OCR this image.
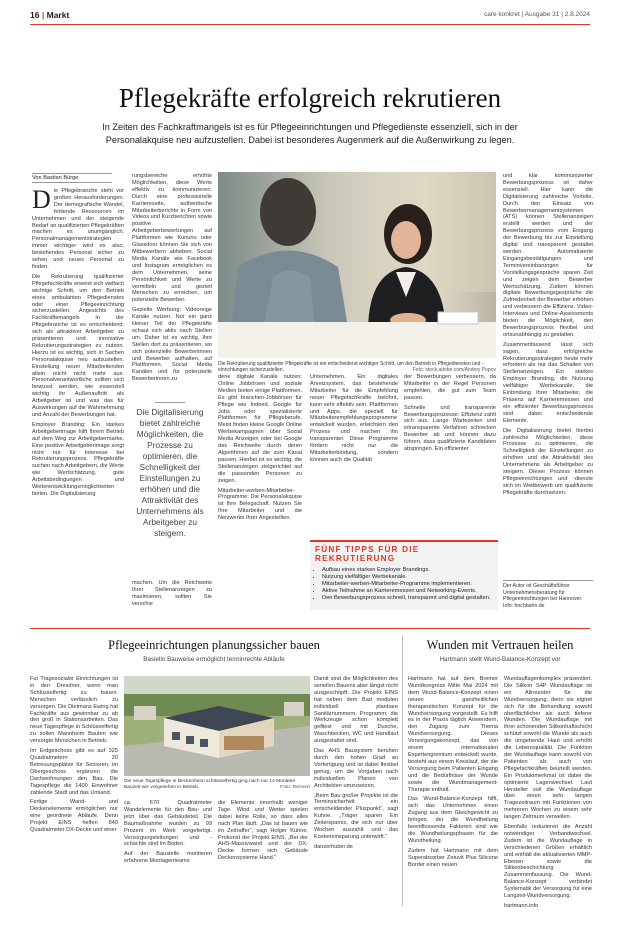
16 | Markt	care konkret | Ausgabe 31 | 2.8.2024
Pflegekräfte erfolgreich rekrutieren
In Zeiten des Fachkraftmangels ist es für Pflegeeinrichtungen und Pflegedienste essenziell, sich in der Personalakquise neu aufzustellen. Dabei ist besonderes Augenmerk auf die Außenwirkung zu legen.
Von Bastian Bürge
D ie Pflegebranche steht vor großen Herausforderungen. Der demografische Wandel, fehlende Ressourcen im Unternehmen und der steigende Bedarf an qualifizierten Pflegekräften machen es unumgänglich, Personalmanagementstrategien immer wichtiger wird es also, bestehendes Personal sicher zu sehen und neues Personal zu finden.

Die Rekrutierung qualifizierter Pflegefachkräfte erweist sich vielfach wichtige Schritt, um den Betrieb eines ambulanten Pflegedienstes oder einer Pflegeeinrichtung sicherzustellen. Angesichts des Fachkräftemangels in der Pflegebranche ist es entscheidend, sich als attraktiver Arbeitgeber zu präsentieren und innovative Rekrutierungsstrategien zu nutzen. Hierzu ist es wichtig, sich in Sachen Personalakquise neu aufzustellen. Einstellung neuer Mitarbeitenden allein reicht nicht mehr aus. Personalverantwortliche sollten sich bewusst werden, wie essenziell wichtig ihr Außenauftritt als Arbeitgeber ist und was das für Auswirkungen auf die Wahrnehmung und Anzahl der Bewerbungen hat.

Employer Branding: Ein starkes Arbeitgeberimage hilft Ihrem Betrieb auf dem Weg zur Arbeitgebermarke. Eine positive Arbeitgeberimage sorgt nicht nur für Interesse bei Rekrutierungsprozess. Pflegekräfte suchen nach Arbeitgebern, die Werte wie Wertschätzung, gute Arbeitsbedingungen und Weiterentwicklungsmöglichkeiten bieten. Die Digitalisierung

rungsbereiche erhöhte Möglichkeiten, diese Werte effektiv zu kommunizieren. Durch eine professionelle Karriereseite, authentische Mitarbeiterberichte in Form von Videos und Kurzberichten sowie positive Arbeitgeberbewertungen auf Plattformen wie Kununu oder Glassdoor können Sie sich von Mitbewerbern abheben. Social Media Kanäle wie Facebook und Instagram ermöglichen es dem Unternehmen, seine Persönlichkeit und Werte zu vermitteln und gezielt Menschen zu erreichen, um potenzielle Bewerber.

Gezielte Werbung: Videoreige Kanäle nutzen. Nur ein ganz kleiner Teil der Pflegekräfte schaut sich aktiv nach Stellen um. Daher ist es wichtig, Ihre Stellen dort zu präsentieren, wo sich potenzielle Bewerberinnen und Bewerber aufhalten, auf Plattformen, Social Media Kanälen und für potenzielle Bewerberinnen zu

Die Digitalisierung bietet zahlreiche Möglichkeiten, die Prozesse zu optimieren, die Schnelligkeit der Einstellungen zu erhöhen und die Attraktivität des Unternehmens als Arbeitgeber zu steigern.

machen. Um die Reichweite Ihrer Stellenanzeigen zu maximieren, sollten Sie verschie

Die Rekrutierung qualifizierter Pflegekräfte ist ein entscheidend wichtiger Schritt, um den Betrieb in Pflegediensten und -einrichtungen sicherzustellen.	Foto: stock.adobe.com/Andrey Popov

dene digitale Kanäle nutzen: Online Jobbörsen und soziale Medien bieten einige Plattformen. Es gibt branchen-Jobbörsen für Pflege wie Indeed, Google for Jobs oder spezialisierte Plattformen für Pflegeberufe. Meist finden kleine Google Online Werbekampagnen über Social Media Anzeigen oder bei Google das Reichweite durch deren Algorithmen auf die zum Kanal passen. Hierbei ist es wichtig, die Stellenanzeigen zielgerichtet auf die passenden Personen zu zeigen.

Mitarbeiter-werben-Mitarbeiter-Programme: Die Personalakquise ist Ihre Belegschaft. Nutzen Sie Ihre Mitarbeiter und die Netzwerke Ihrer Angestellten.

Unternehmen. Ein digitales Anreizsystem, das bestehende Mitarbeiter für die Empfehlung neuer Pflegefachkräfte belohnt, kann sehr effektiv sein. Plattformen und Apps, die speziell für Mitarbeiterempfehlungsprogramme entwickelt wurden, erleichtern den Prozess und machen ihn transparenter. Diese Programme fördern nicht nur die Mitarbeiterbindung, sondern können auch die Qualität

der Bewerbungen verbessern, da Mitarbeiter in der Regel Personen empfehlen, die gut zum Team passen.

Schnelle und transparente Bewerbungsprozesse: Effizienz zahlt sich aus. Lange Wartezeiten und intransparente Verfahren schrecken Bewerber ab und können dazu führen, dass qualifizierte Kandidaten abspringen. Ein effizienter

FÜNF TIPPS FÜR DIE REKRUTIERUNG
• Aufbau eines starken Employer Brandings.
• Nutzung vielfältiger Werbekanäle.
• Mitarbeiter-werben-Mitarbeiter-Programme implementieren.
• Aktive Teilnahme an Karrieremessen und Networking-Events.
• Den Bewerbungsprozess schnell, transparent und digital gestalten.

und klar kommunizierter Bewerbungsprozess ist daher essenziell. Hier kann die Digitalisierung zahlreiche Vorteile. Durch den Einsatz von Bewerbermanagementsystemen (ATS) können Stellenanzeigen erstellt werden und der Bewerbungsprozess vom Eingang der Bewerbung bis zur Einstellung digital und transparent gestaltet werden. Automatisierte Eingangsbestätigungen und Terminvereinbarungen für Vorstellungsgespräche sparen Zeit und zeigen dem Bewerber Wertschätzung. Zudem können digitale Bewerbungsgespräche die Zufriedenheit der Bewerber erhöhen und verbessern die Effizienz. Video-Interviews und Online-Assessments bieten die Möglichkeit, den Bewerbungsprozess flexibel und ortsunabhängig zu gestalten.

Zusammenfassend lässt sich sagen, dass erfolgreiche Rekrutierungsstrategien heute mehr erfordern als nur das Schalten von Stellenanzeigen. Ein starkes Employer Branding, die Nutzung vielfältiger Werbekanäle, die Einbindung Ihrer Mitarbeiter, die Präsenz auf Karrieremessen und ein effizienter Bewerbungsprozess sind dabei entscheidende Elemente.

Die Digitalisierung bietet hierbei zahlreiche Möglichkeiten, diese Prozesse zu optimieren, die Schnelligkeit der Einstellungen zu erhöhen und die Attraktivität des Unternehmens als Arbeitgeber zu steigern. Dieser Prozess können Pflegeeinrichtungen und -dienste sich im Wettbewerb um qualifizierte Pflegekräfte durchsetzen.

Der Autor ist Geschäftsführer Unternehmensberatung für Pflegeeinrichtungen bei Hannover. Info: hochbahn.de
Pflegeeinrichtungen planungssicher bauen
Basiello Bauweise ermöglicht terminrechte Abläufe

Fur Tragesozialer Einrichtungen ist in den Dresdner, wenn man Schlüsselfertig zu bauen. Menschen verlässlich zu versorgen. Die Dietmans Ewing hat Fachkräfte aus gewinnbar zu ab den groß in Stationsarbeiten. Das neue Tagespflege in Schlüsselfertig zu sollen Mannheim Bauten wie versorgte Menschen in Betrieb.

Im Erdgeschoss gibt es auf 325 Quadratmetern 20 Betreuungsplätze für Senioren, im Obergeschoss ergänzen die Dachwohnungen den Bau. Die Tagespflege die 1400 Einwohner zahlende Stadt und das Umland.

Fertige Wand- und Deckenelemente ermöglichen nur eine geordnete Abläufe. Denn Projekt EINS helfen 840 Quadratmeter DX-Decke und einer

Die neue Tagespflege in Beckenheim schlüsselfertig ging nach nur 14 Monaten Bauzeit wie vorgesehen in Betrieb.	Foto: Rennert

ca. 670 Quadratmeter Wandelemente für den Bau- und jetzt über das Gebäudeteil. Die Baumaßnahme wurden zu 99 Prozent im Werk vorgefertigt. Versorgungsleitungen und -schächte sind im Boden.

Auf der Baustelle montieren erfahrene Montagenteams

die Elemente innerhalb weniger Tage. Wind und Wetter spielen dabei keine Rolle, so dass alles nach Plan läuft. „Das ist bauen wie im Zeitraffer“, sagt Holger Kuhne, Prokurist der Projekt EINS. „Bei der AHS-Massivwand und der DX-Decke formen sich Gebäude Deckensysteme Hand.“

Damit sind die Möglichkeiten des seriellen Bauens aber längst nicht ausgeschöpft. Die Projekt EINS hat neben dem Bad modulen individuell planbare Sanitärnummern. Programm, die Werkzeuge schon komplett gefliest und mit Dusche, Waschbecken, WC und Handlauf ausgestattet sind.

Das AHS Bausystem beruhen durch den hohen Grad an Vorfertigung und ist dabei flexibel genug, um die Vorgaben nach individuellen Planen von Architekten umzusetzen.

„Beim Bau großer Projekte ist die Terminsicherheit ein entscheidender Pluspunkt“, sagt Kuhne. „Träger sparen Ein Zeitersparnis, die sich nur über Wochen auszahlt und das Kosteneinsparung unterwirft.“

danzerhuber.de

Wunden mit Vertrauen heilen
Hartmann stellt Wund-Balance-Konzept vor

Hartmann hat auf dem Bremer Wundkongress Mitte Mai 2024 mit dem Wund-Balance-Konzept einen neuen ganzheitlichen therapeutischen Konzept für die Wundversorgung vorgestellt. Es hilft es in der Praxis täglich Anwendern, den Zugang zum Thema Wundversorgung. Dieses Versorgungskonzept, das von einem internationalen Expertengremium entwickelt wurde, besteht aus einem Kreislauf, der die Versorgung beim Patienten Eingang und die Bedürfnisse der Wunde sowie die Wundmanagement-Therapie enthält.

Das Wund-Balance-Konzept hilft, sich das Unternehmen einen Zugang aus dem Gleichgewicht zu bringen, der die Wundheilung beeinflussende Faktoren sind wie die Wundheilungsphasen für die Wundheilung.

Zudem hat Hartmann mit dem Superabsorber Zetuvit Plus Silicone Border einen neuen

Wundauflagenkomplex präsentiert. Die Silikon S4P Wundauflage ist ein Allrounder für die Wundversorgung, denn sie eignet sich für die Behandlung sowohl oberflächlicher als auch tieferer Wunden. Die Wundauflage mit ihrer schonenden Silikonhaftschicht schützt sowohl die Wunde als auch die umgebende Haut und erhöht die Lebensqualität. Die Funktion der Wundauflage kann sowohl von Patienten als auch von Pflegefachkräften beurteilt werden. Ein Produktmerkmal ist dabei die optimierte Lagenwechsel. Laut Hersteller soll die Wundauflage über einen sehr langen Tragezeitraum mit Funktionen von mehreren Wochen zu einem sehr langen Zeitraum verweilen.

Ebenfalls reduzieren die Anzahl notwendiger Verbandwechsel. Zudem ist die Wundauflage in verschiedenen Größen erhältlich und enthält die aktualisierten MMP-Ebenen sowie die Silikonbeschichtung Zusammenfassung. Die Wund-Balance-Konzept verbindet Systematik der Versorgung für eine Langzeit-Wundversorgung.

hartmann.info
